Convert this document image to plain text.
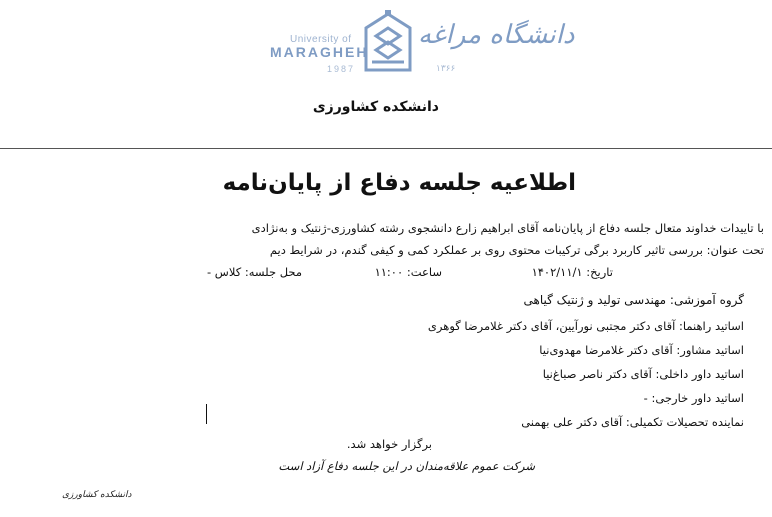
University of
MARAGHEH
1987
دانشگاه مراغه
۱۳۶۶
دانشکده کشاورزی
اطلاعیه جلسه دفاع از پایان‌نامه
با تاییدات خداوند متعال جلسه دفاع از پایان‌نامه آقای ابراهیم زارع دانشجوی رشته کشاورزی-ژنتیک و به‌نژادی
تحت عنوان: بررسی تاثیر کاربرد برگی ترکیبات محتوی روی بر عملکرد کمی و کیفی گندم، در شرایط دیم
تاریخ: ۱۴۰۲/۱۱/۱
ساعت: ۱۱:۰۰
محل جلسه: کلاس -
گروه آموزشی: مهندسی تولید و ژنتیک گیاهی
اساتید راهنما: آقای دکتر مجتبی نورآیین، آقای دکتر غلامرضا گوهری
اساتید مشاور: آقای دکتر غلامرضا مهدوی‌نیا
اساتید داور داخلی: آقای دکتر ناصر صباغ‌نیا
اساتید داور خارجی: -
نماینده تحصیلات تکمیلی: آقای دکتر علی بهمنی
برگزار خواهد شد.
شرکت عموم علاقه‌مندان در این جلسه دفاع آزاد است
دانشکده کشاورزی
